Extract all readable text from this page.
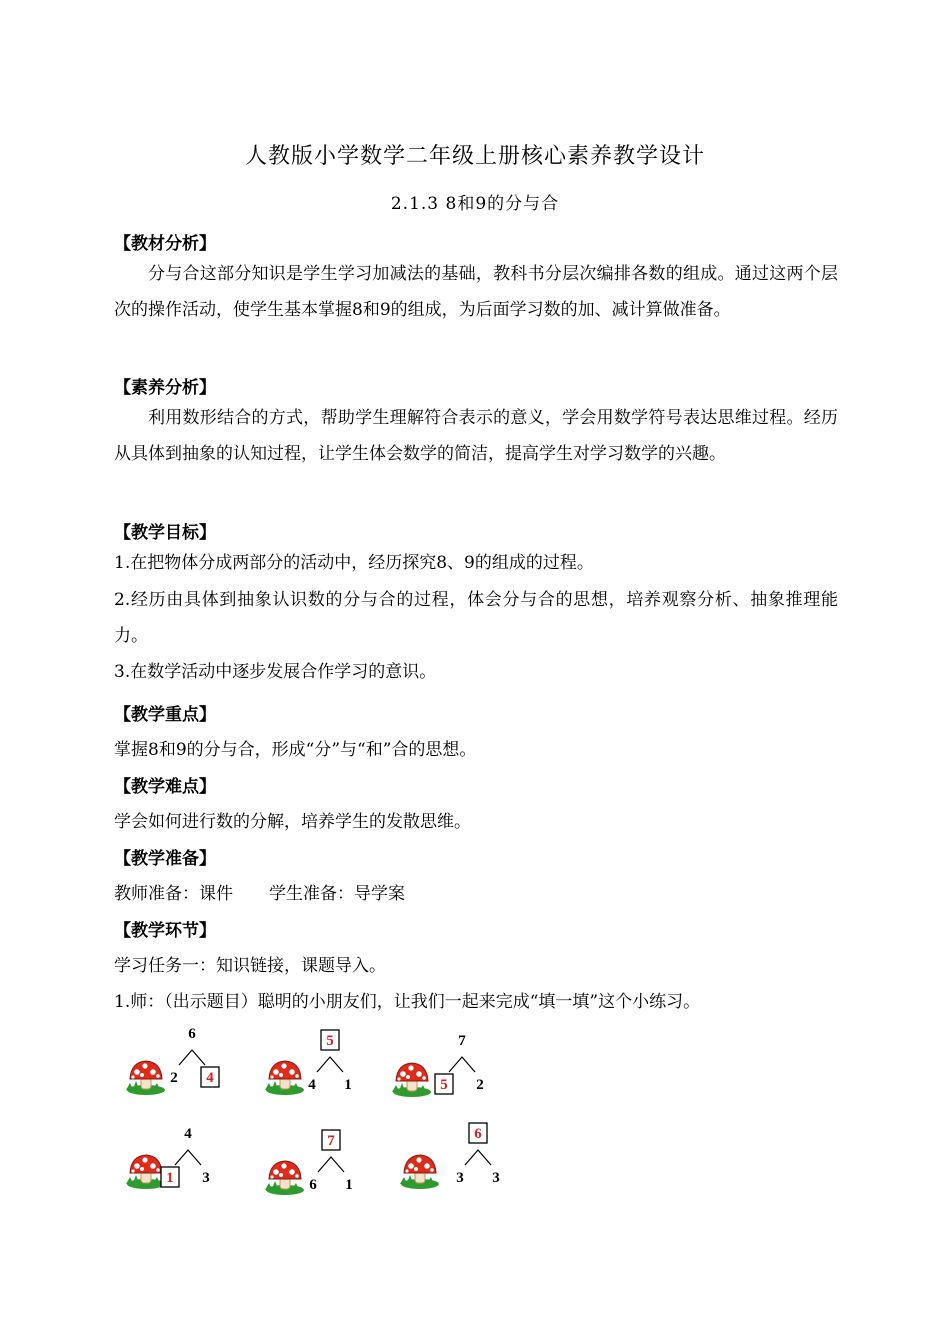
人教版小学数学二年级上册核心素养教学设计
2.1.3 8和9的分与合
【教材分析】
分与合这部分知识是学生学习加减法的基础，教科书分层次编排各数的组成。通过这两个层次的操作活动，使学生基本掌握8和9的组成，为后面学习数的加、减计算做准备。
【素养分析】
利用数形结合的方式，帮助学生理解符合表示的意义，学会用数学符号表达思维过程。经历从具体到抽象的认知过程，让学生体会数学的简洁，提高学生对学习数学的兴趣。
【教学目标】
1.在把物体分成两部分的活动中，经历探究8、9的组成的过程。
2.经历由具体到抽象认识数的分与合的过程，体会分与合的思想，培养观察分析、抽象推理能力。
3.在数学活动中逐步发展合作学习的意识。
【教学重点】
掌握8和9的分与合，形成“分”与“和”合的思想。
【教学难点】
学会如何进行数的分解，培养学生的发散思维。
【教学准备】
教师准备：课件 学生准备：导学案
【教学环节】
学习任务一：知识链接，课题导入。
1.师：（出示题目）聪明的小朋友们，让我们一起来完成“填一填”这个小练习。
6
2 4
5
4 1
7
5 2
4
1 3
7
6 1
6
3 3
